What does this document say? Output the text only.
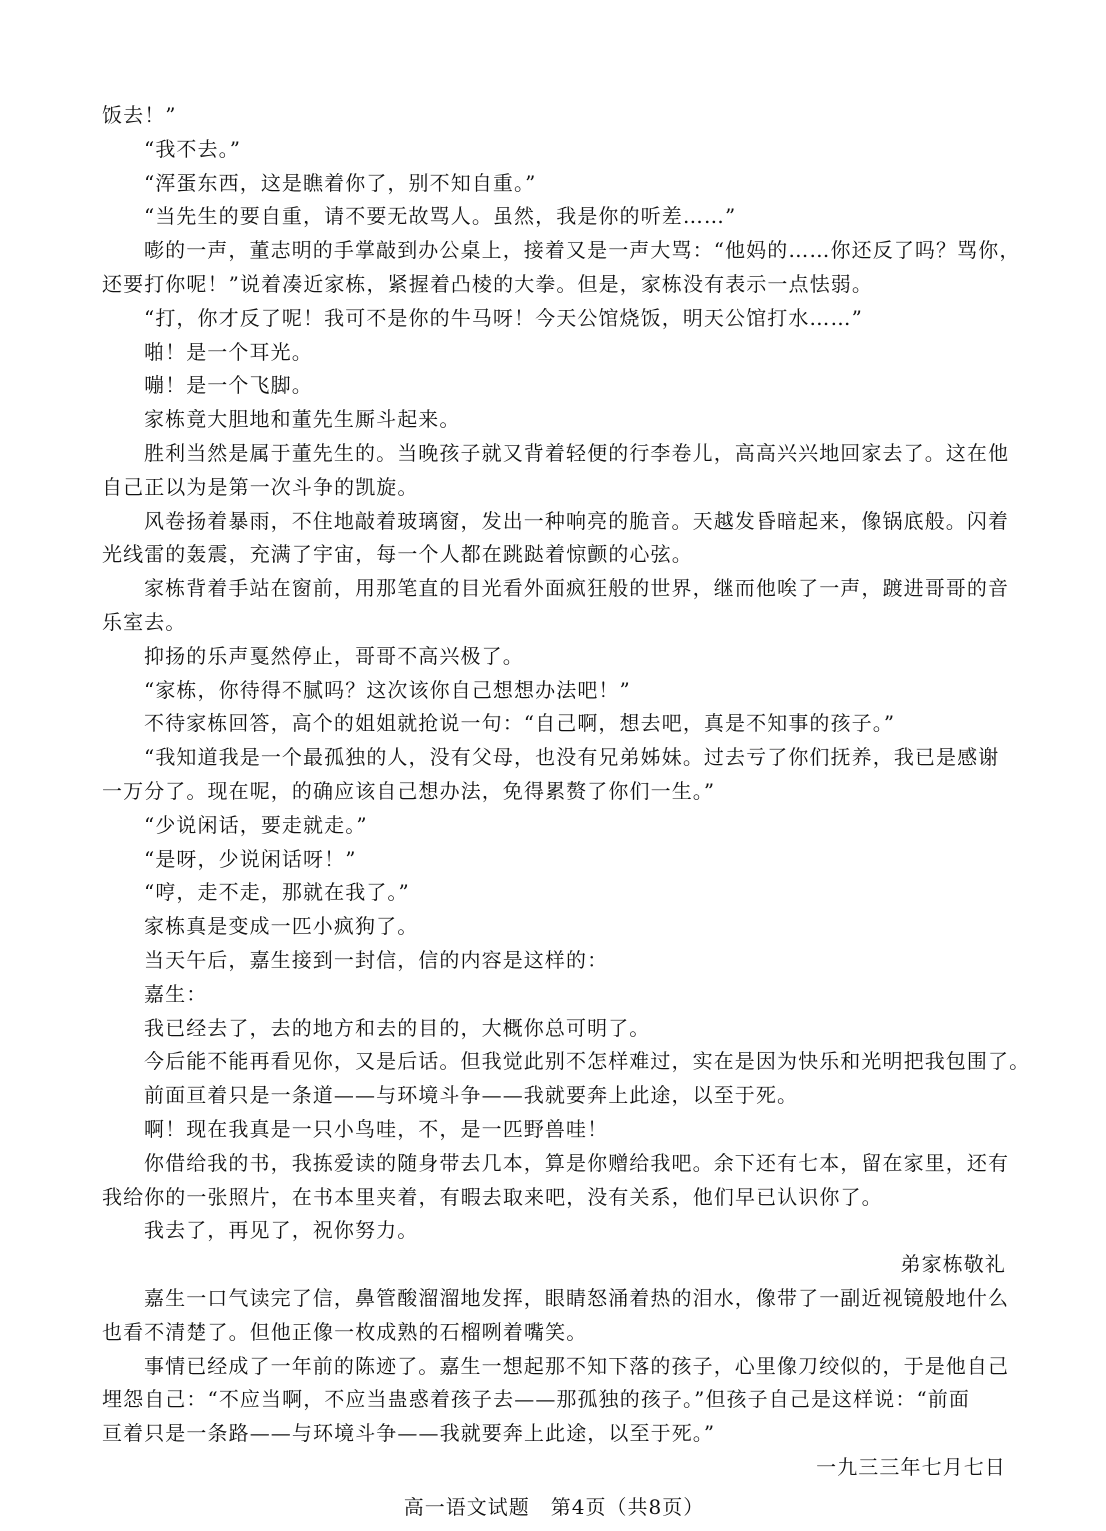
饭去！”
“我不去。”
“浑蛋东西，这是瞧着你了，别不知自重。”
“当先生的要自重，请不要无故骂人。虽然，我是你的听差……”
嘭的一声，董志明的手掌敲到办公桌上，接着又是一声大骂：“他妈的……你还反了吗？骂你，
还要打你呢！”说着凑近家栋，紧握着凸棱的大拳。但是，家栋没有表示一点怯弱。
“打，你才反了呢！我可不是你的牛马呀！今天公馆烧饭，明天公馆打水……”
啪！是一个耳光。
嘣！是一个飞脚。
家栋竟大胆地和董先生厮斗起来。
胜利当然是属于董先生的。当晚孩子就又背着轻便的行李卷儿，高高兴兴地回家去了。这在他
自己正以为是第一次斗争的凯旋。
风卷扬着暴雨，不住地敲着玻璃窗，发出一种响亮的脆音。天越发昏暗起来，像锅底般。闪着
光线雷的轰震，充满了宇宙，每一个人都在跳跶着惊颤的心弦。
家栋背着手站在窗前，用那笔直的目光看外面疯狂般的世界，继而他唉了一声，踱进哥哥的音
乐室去。
抑扬的乐声戛然停止，哥哥不高兴极了。
“家栋，你待得不腻吗？这次该你自己想想办法吧！”
不待家栋回答，高个的姐姐就抢说一句：“自己啊，想去吧，真是不知事的孩子。”
“我知道我是一个最孤独的人，没有父母，也没有兄弟姊妹。过去亏了你们抚养，我已是感谢
一万分了。现在呢，的确应该自己想办法，免得累赘了你们一生。”
“少说闲话，要走就走。”
“是呀，少说闲话呀！”
“哼，走不走，那就在我了。”
家栋真是变成一匹小疯狗了。
当天午后，嘉生接到一封信，信的内容是这样的：
嘉生：
我已经去了，去的地方和去的目的，大概你总可明了。
今后能不能再看见你，又是后话。但我觉此别不怎样难过，实在是因为快乐和光明把我包围了。
前面亘着只是一条道——与环境斗争——我就要奔上此途，以至于死。
啊！现在我真是一只小鸟哇，不，是一匹野兽哇！
你借给我的书，我拣爱读的随身带去几本，算是你赠给我吧。余下还有七本，留在家里，还有
我给你的一张照片，在书本里夹着，有暇去取来吧，没有关系，他们早已认识你了。
我去了，再见了，祝你努力。
弟家栋敬礼
嘉生一口气读完了信，鼻管酸溜溜地发挥，眼睛怒涌着热的泪水，像带了一副近视镜般地什么
也看不清楚了。但他正像一枚成熟的石榴咧着嘴笑。
事情已经成了一年前的陈迹了。嘉生一想起那不知下落的孩子，心里像刀绞似的，于是他自己
埋怨自己：“不应当啊，不应当蛊惑着孩子去——那孤独的孩子。”但孩子自己是这样说：“前面
亘着只是一条路——与环境斗争——我就要奔上此途，以至于死。”
一九三三年七月七日
高一语文试题　第4页（共8页）
